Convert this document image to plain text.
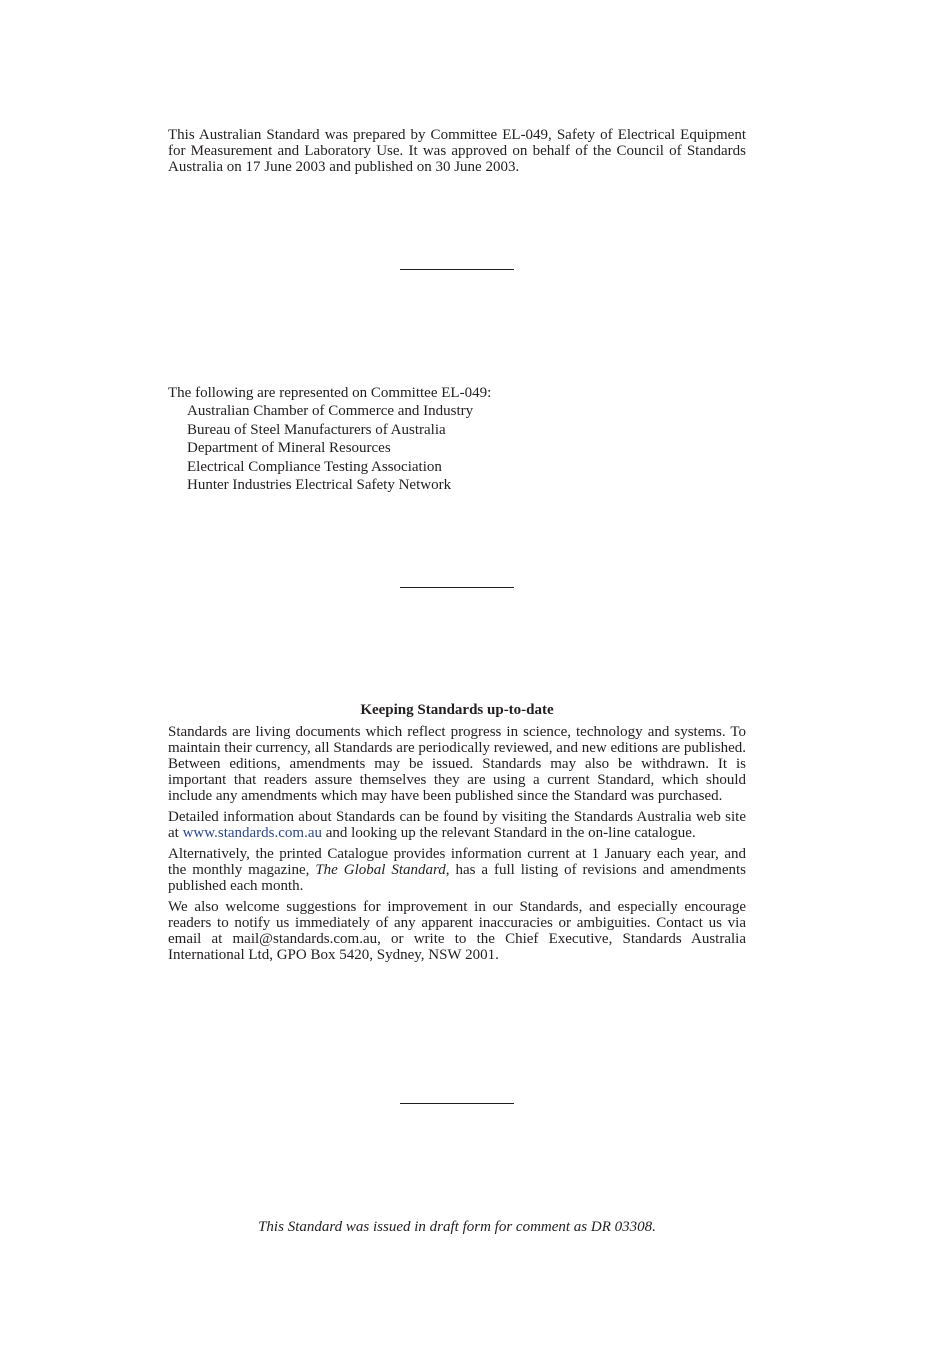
This Australian Standard was prepared by Committee EL-049, Safety of Electrical Equipment for Measurement and Laboratory Use. It was approved on behalf of the Council of Standards Australia on 17 June 2003 and published on 30 June 2003.
The following are represented on Committee EL-049:
Australian Chamber of Commerce and Industry
Bureau of Steel Manufacturers of Australia
Department of Mineral Resources
Electrical Compliance Testing Association
Hunter Industries Electrical Safety Network
Keeping Standards up-to-date

Standards are living documents which reflect progress in science, technology and systems. To maintain their currency, all Standards are periodically reviewed, and new editions are published. Between editions, amendments may be issued. Standards may also be withdrawn. It is important that readers assure themselves they are using a current Standard, which should include any amendments which may have been published since the Standard was purchased.

Detailed information about Standards can be found by visiting the Standards Australia web site at www.standards.com.au and looking up the relevant Standard in the on-line catalogue.

Alternatively, the printed Catalogue provides information current at 1 January each year, and the monthly magazine, The Global Standard, has a full listing of revisions and amendments published each month.

We also welcome suggestions for improvement in our Standards, and especially encourage readers to notify us immediately of any apparent inaccuracies or ambiguities. Contact us via email at mail@standards.com.au, or write to the Chief Executive, Standards Australia International Ltd, GPO Box 5420, Sydney, NSW 2001.

This Standard was issued in draft form for comment as DR 03308.
